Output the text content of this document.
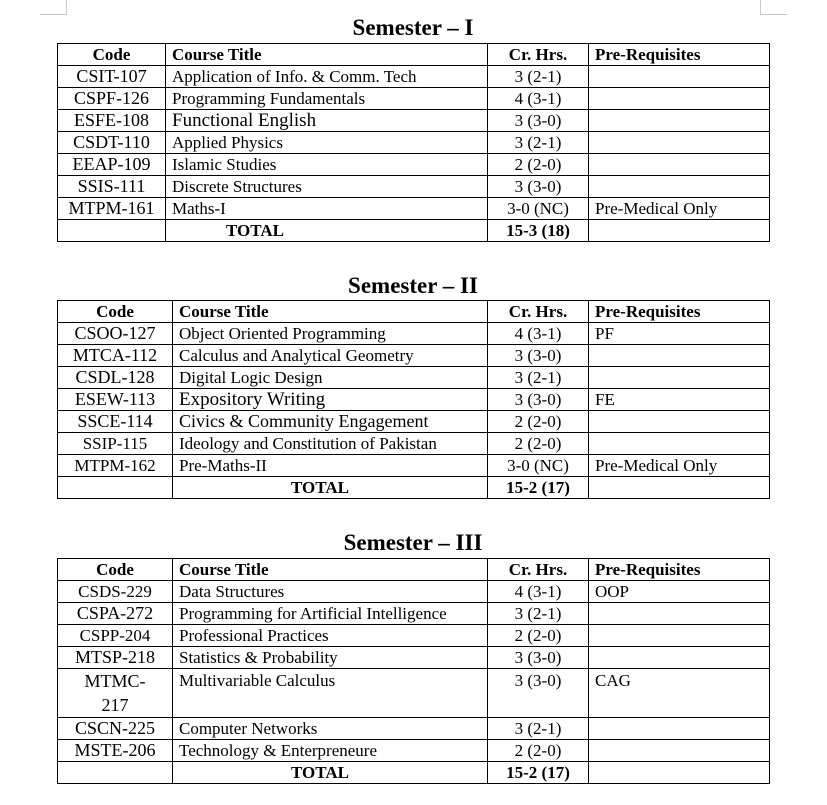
Semester – I
Code	Course Title	Cr. Hrs.	Pre-Requisites
CSIT-107	Application of Info. & Comm. Tech	3 (2-1)	
CSPF-126	Programming Fundamentals	4 (3-1)	
ESFE-108	Functional English	3 (3-0)	
CSDT-110	Applied Physics	3 (2-1)	
EEAP-109	Islamic Studies	2 (2-0)	
SSIS-111	Discrete Structures	3 (3-0)	
MTPM-161	Maths-I	3-0 (NC)	Pre-Medical Only
	TOTAL	15-3 (18)	
Semester – II
Code	Course Title	Cr. Hrs.	Pre-Requisites
CSOO-127	Object Oriented Programming	4 (3-1)	PF
MTCA-112	Calculus and Analytical Geometry	3 (3-0)	
CSDL-128	Digital Logic Design	3 (2-1)	
ESEW-113	Expository Writing	3 (3-0)	FE
SSCE-114	Civics & Community Engagement	2 (2-0)	
SSIP-115	Ideology and Constitution of Pakistan	2 (2-0)	
MTPM-162	Pre-Maths-II	3-0 (NC)	Pre-Medical Only
	TOTAL	15-2 (17)	
Semester – III
Code	Course Title	Cr. Hrs.	Pre-Requisites
CSDS-229	Data Structures	4 (3-1)	OOP
CSPA-272	Programming for Artificial Intelligence	3 (2-1)	
CSPP-204	Professional Practices	2 (2-0)	
MTSP-218	Statistics & Probability	3 (3-0)	
MTMC-217	Multivariable Calculus	3 (3-0)	CAG
CSCN-225	Computer Networks	3 (2-1)	
MSTE-206	Technology & Enterpreneure	2 (2-0)	
	TOTAL	15-2 (17)	
